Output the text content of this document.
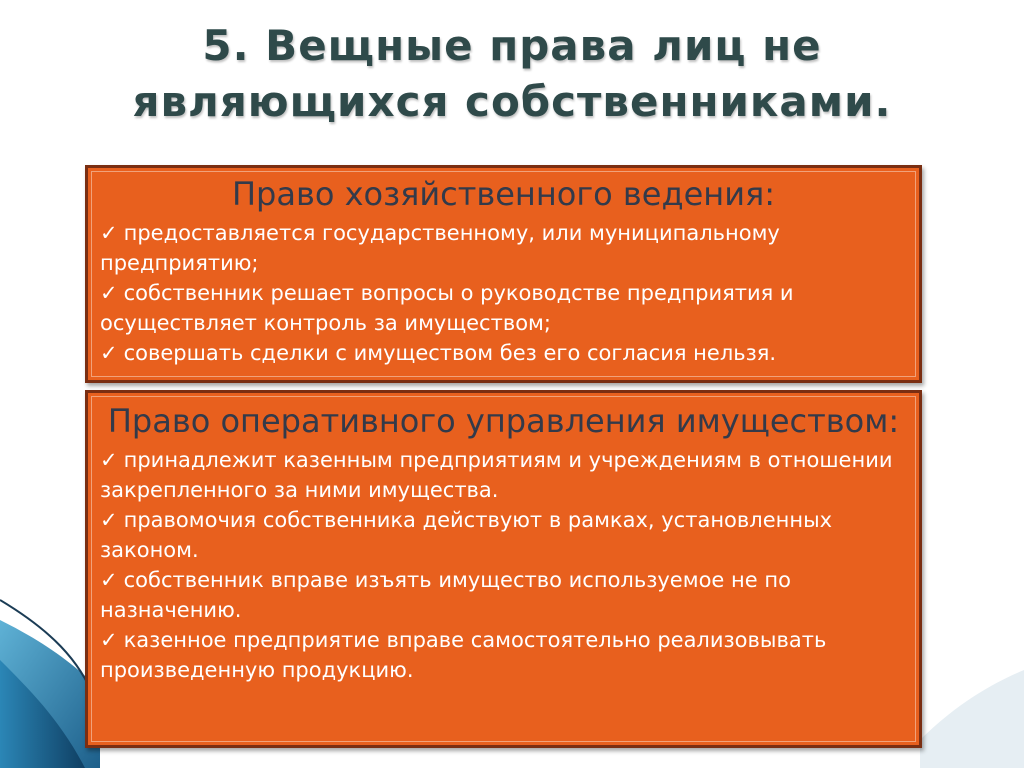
5. Вещные права лиц не являющихся собственниками.
Право хозяйственного ведения:
✓ предоставляется государственному, или муниципальному предприятию;
✓ собственник решает вопросы о руководстве предприятия и осуществляет контроль за имуществом;
✓ совершать сделки с имуществом без его согласия нельзя.
Право оперативного управления имуществом:
✓ принадлежит казенным предприятиям и учреждениям в отношении закрепленного за ними имущества.
✓ правомочия собственника действуют в рамках, установленных законом.
✓ собственник вправе изъять имущество используемое не по назначению.
✓ казенное предприятие вправе самостоятельно реализовывать произведенную продукцию.
